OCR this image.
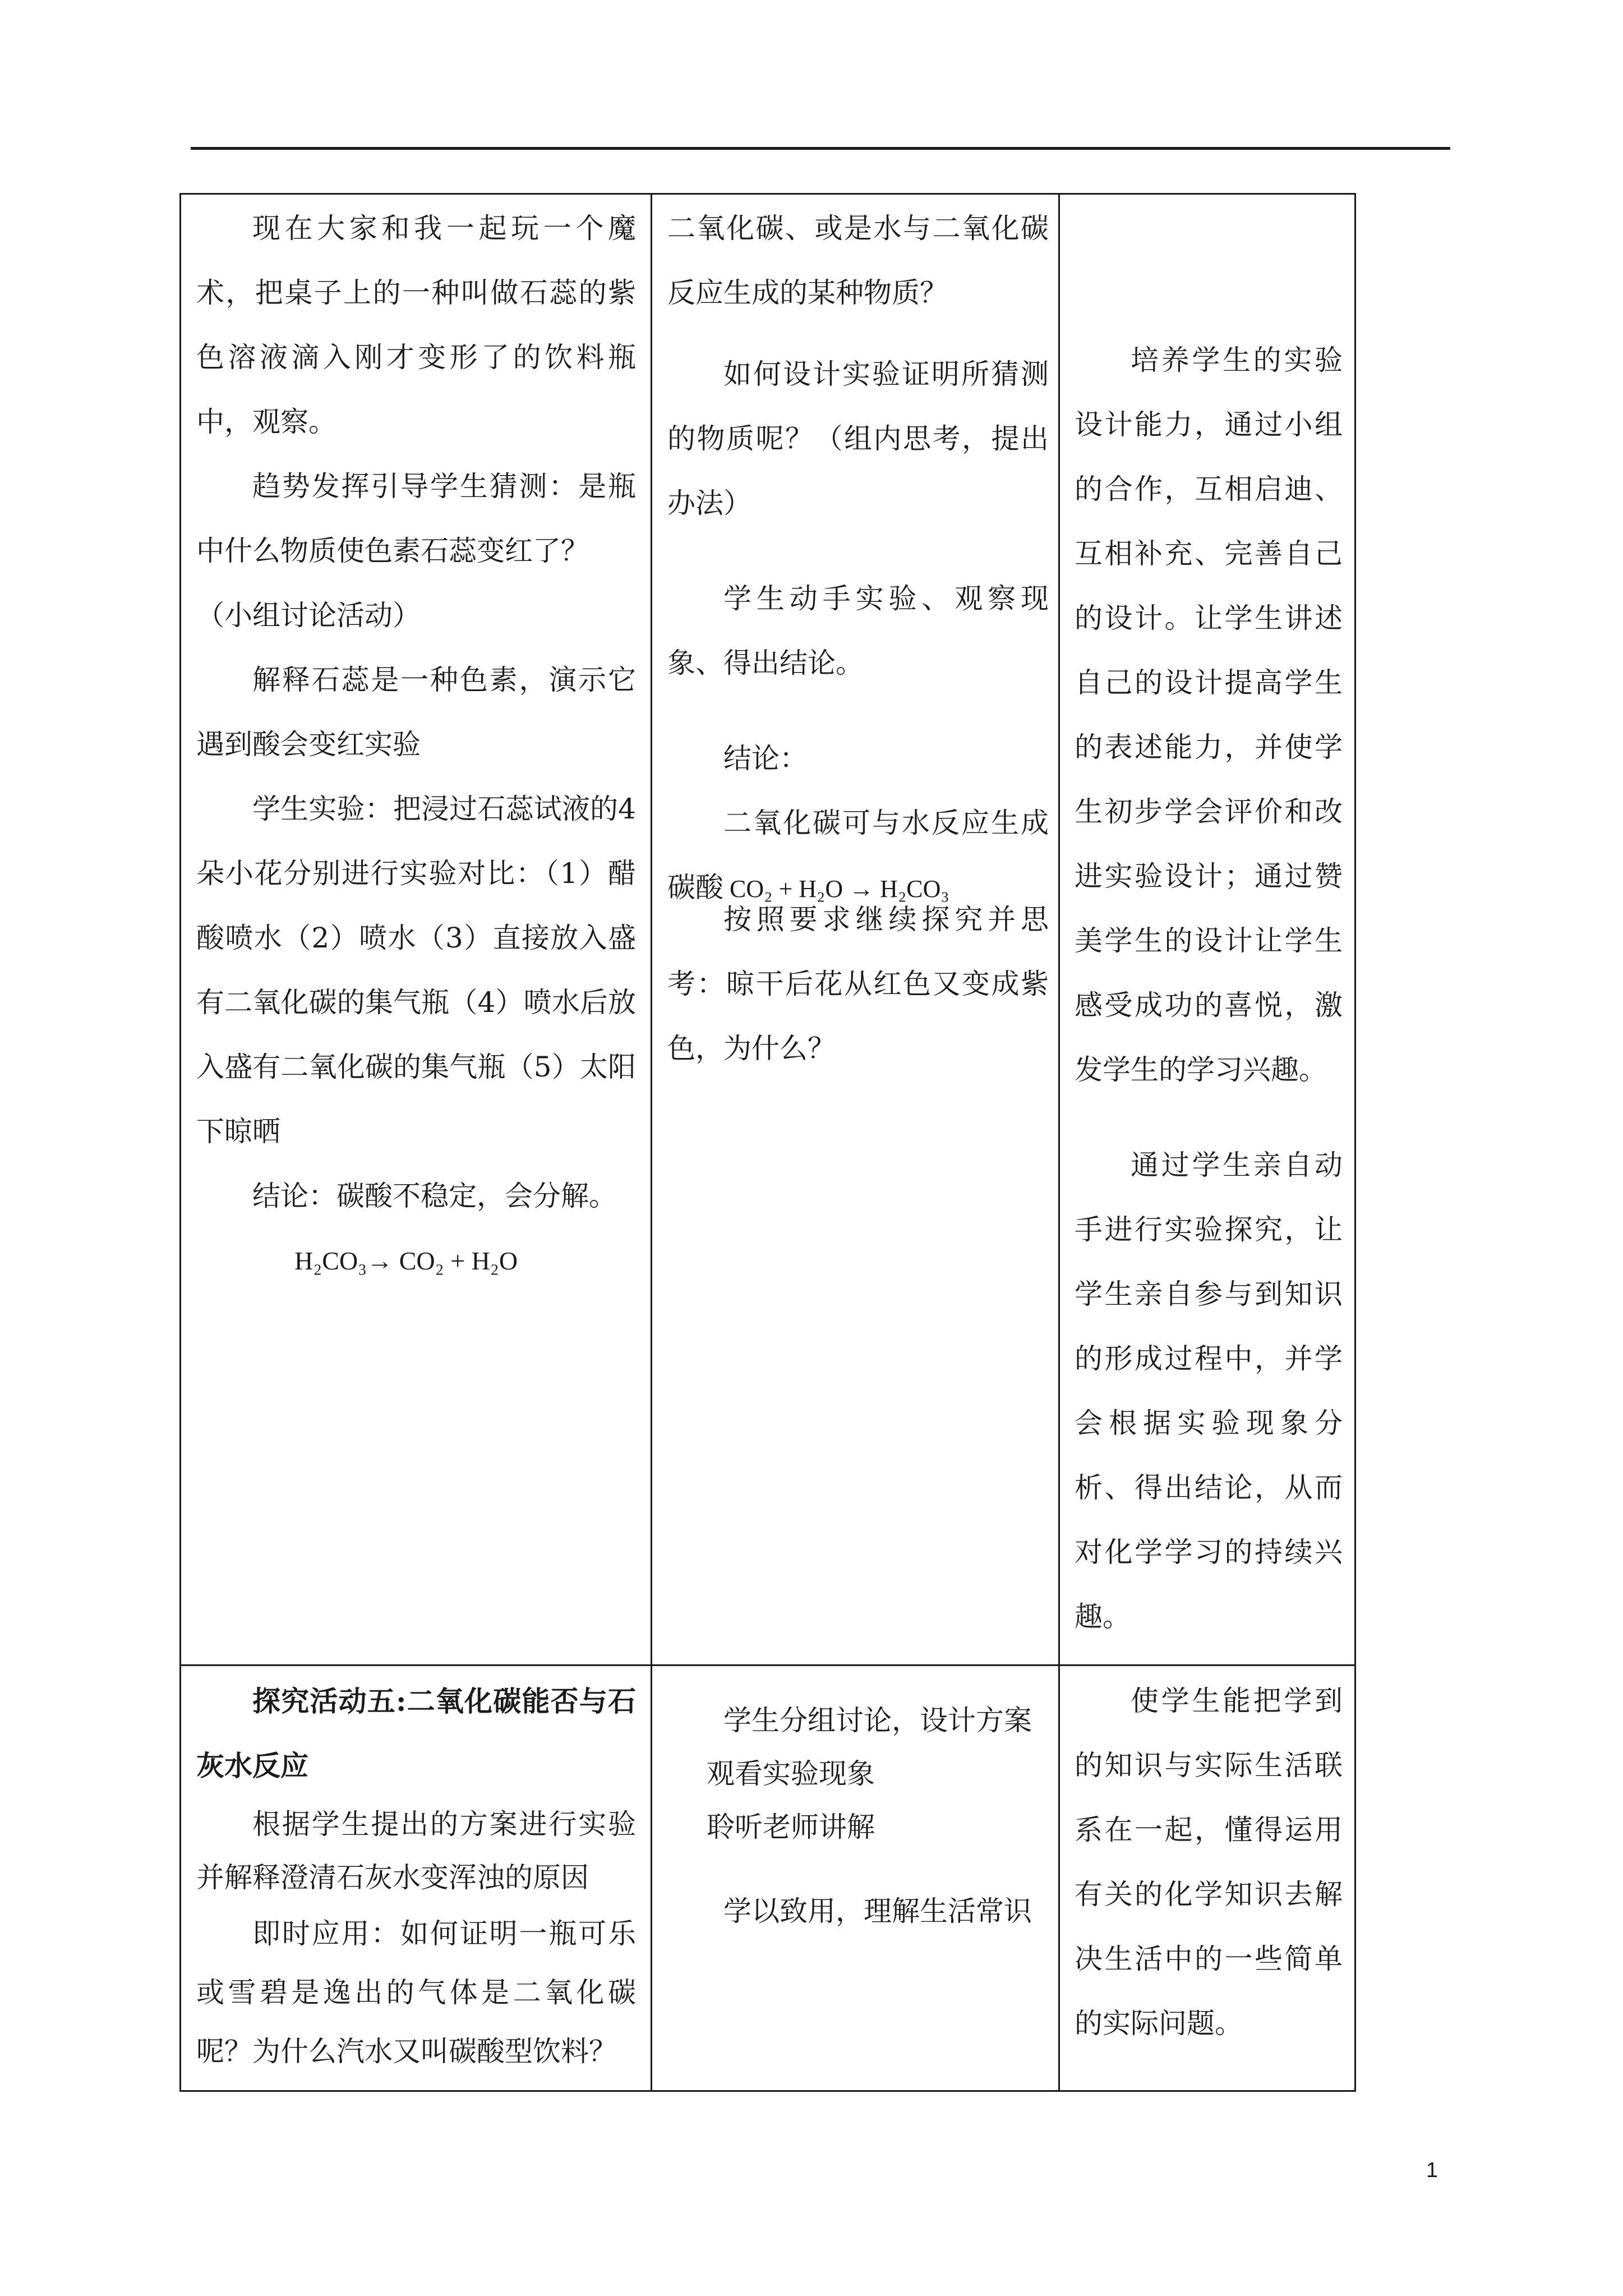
现在大家和我一起玩一个魔术，把桌子上的一种叫做石蕊的紫色溶液滴入刚才变形了的饮料瓶中，观察。

趋势发挥引导学生猜测：是瓶中什么物质使色素石蕊变红了？

（小组讨论活动）

解释石蕊是一种色素，演示它遇到酸会变红实验

学生实验：把浸过石蕊试液的4朵小花分别进行实验对比：（1）醋酸喷水（2）喷水（3）直接放入盛有二氧化碳的集气瓶（4）喷水后放入盛有二氧化碳的集气瓶（5）太阳下晾晒

结论：碳酸不稳定，会分解。

H₂CO₃→ CO₂ + H₂O

二氧化碳、或是水与二氧化碳反应生成的某种物质？

如何设计实验证明所猜测的物质呢？（组内思考，提出办法）

学生动手实验、观察现象、得出结论。

结论：

二氧化碳可与水反应生成碳酸 CO₂ + H₂O → H₂CO₃

按照要求继续探究并思考：晾干后花从红色又变成紫色，为什么？

培养学生的实验设计能力，通过小组的合作，互相启迪、互相补充、完善自己的设计。让学生讲述自己的设计提高学生的表述能力，并使学生初步学会评价和改进实验设计；通过赞美学生的设计让学生感受成功的喜悦，激发学生的学习兴趣。

通过学生亲自动手进行实验探究，让学生亲自参与到知识的形成过程中，并学会根据实验现象分析、得出结论，从而对化学学习的持续兴趣。

探究活动五:二氧化碳能否与石灰水反应

根据学生提出的方案进行实验并解释澄清石灰水变浑浊的原因

即时应用：如何证明一瓶可乐或雪碧是逸出的气体是二氧化碳呢？为什么汽水又叫碳酸型饮料？

学生分组讨论，设计方案

观看实验现象

聆听老师讲解

学以致用，理解生活常识

使学生能把学到的知识与实际生活联系在一起，懂得运用有关的化学知识去解决生活中的一些简单的实际问题。

1
